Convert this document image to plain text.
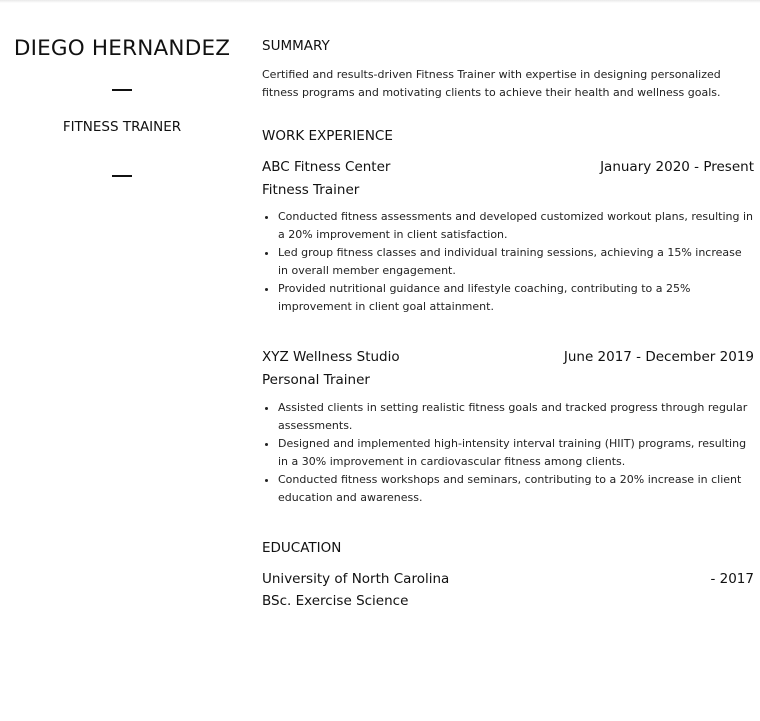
DIEGO HERNANDEZ
FITNESS TRAINER
SUMMARY
Certified and results-driven Fitness Trainer with expertise in designing personalized fitness programs and motivating clients to achieve their health and wellness goals.
WORK EXPERIENCE
ABC Fitness Center	January 2020 - Present
Fitness Trainer
• Conducted fitness assessments and developed customized workout plans, resulting in a 20% improvement in client satisfaction.
• Led group fitness classes and individual training sessions, achieving a 15% increase in overall member engagement.
• Provided nutritional guidance and lifestyle coaching, contributing to a 25% improvement in client goal attainment.
XYZ Wellness Studio	June 2017 - December 2019
Personal Trainer
• Assisted clients in setting realistic fitness goals and tracked progress through regular assessments.
• Designed and implemented high-intensity interval training (HIIT) programs, resulting in a 30% improvement in cardiovascular fitness among clients.
• Conducted fitness workshops and seminars, contributing to a 20% increase in client education and awareness.
EDUCATION
University of North Carolina	- 2017
BSc. Exercise Science
